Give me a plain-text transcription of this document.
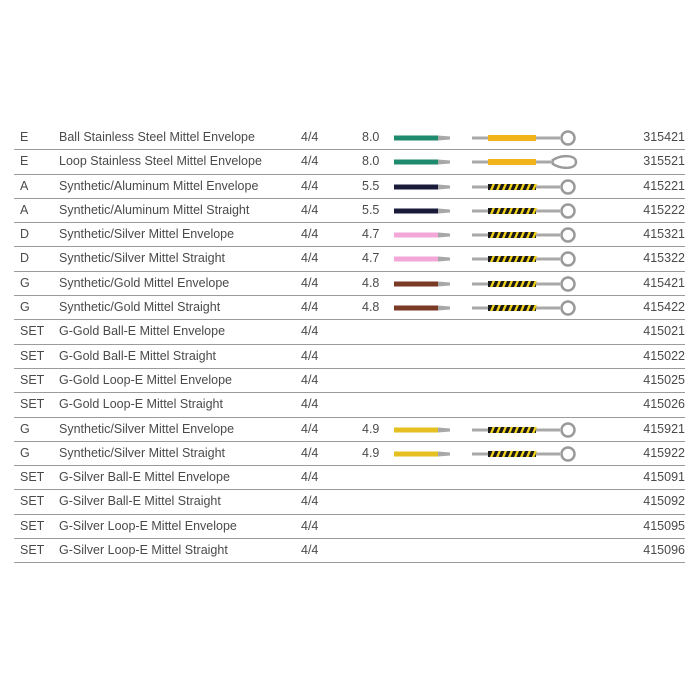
E Ball Stainless Steel Mittel Envelope	4/4	8.0	315421
E Loop Stainless Steel Mittel Envelope	4/4	8.0	315521
A Synthetic/Aluminum Mittel Envelope	4/4	5.5	415221
A Synthetic/Aluminum Mittel Straight	4/4	5.5	415222
D Synthetic/Silver Mittel Envelope	4/4	4.7	415321
D Synthetic/Silver Mittel Straight	4/4	4.7	415322
G Synthetic/Gold Mittel Envelope	4/4	4.8	415421
G Synthetic/Gold Mittel Straight	4/4	4.8	415422
SET G-Gold Ball-E Mittel Envelope	4/4	415021
SET G-Gold Ball-E Mittel Straight	4/4	415022
SET G-Gold Loop-E Mittel Envelope	4/4	415025
SET G-Gold Loop-E Mittel Straight	4/4	415026
G Synthetic/Silver Mittel Envelope	4/4	4.9	415921
G Synthetic/Silver Mittel Straight	4/4	4.9	415922
SET G-Silver Ball-E Mittel Envelope	4/4	415091
SET G-Silver Ball-E Mittel Straight	4/4	415092
SET G-Silver Loop-E Mittel Envelope	4/4	415095
SET G-Silver Loop-E Mittel Straight	4/4	415096
